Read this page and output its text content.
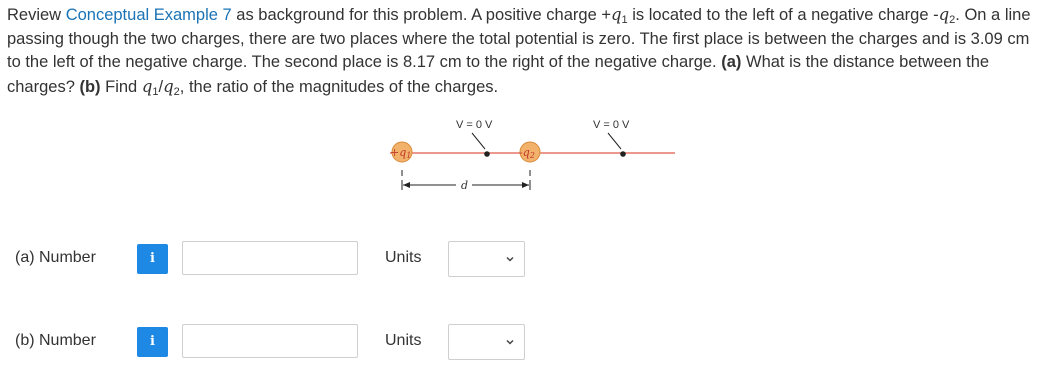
Review Conceptual Example 7 as background for this problem. A positive charge $+q_1$ is located to the left of a negative charge $-q_2$. On a line passing though the two charges, there are two places where the total potential is zero. The first place is between the charges and is 3.09 cm to the left of the negative charge. The second place is 8.17 cm to the right of the negative charge. (a) What is the distance between the charges? (b) Find $q_1/q_2$, the ratio of the magnitudes of the charges.
+q1	-q2
V = 0 V	V = 0 V
d
(a) Number	i	Units
(b) Number	i	Units
